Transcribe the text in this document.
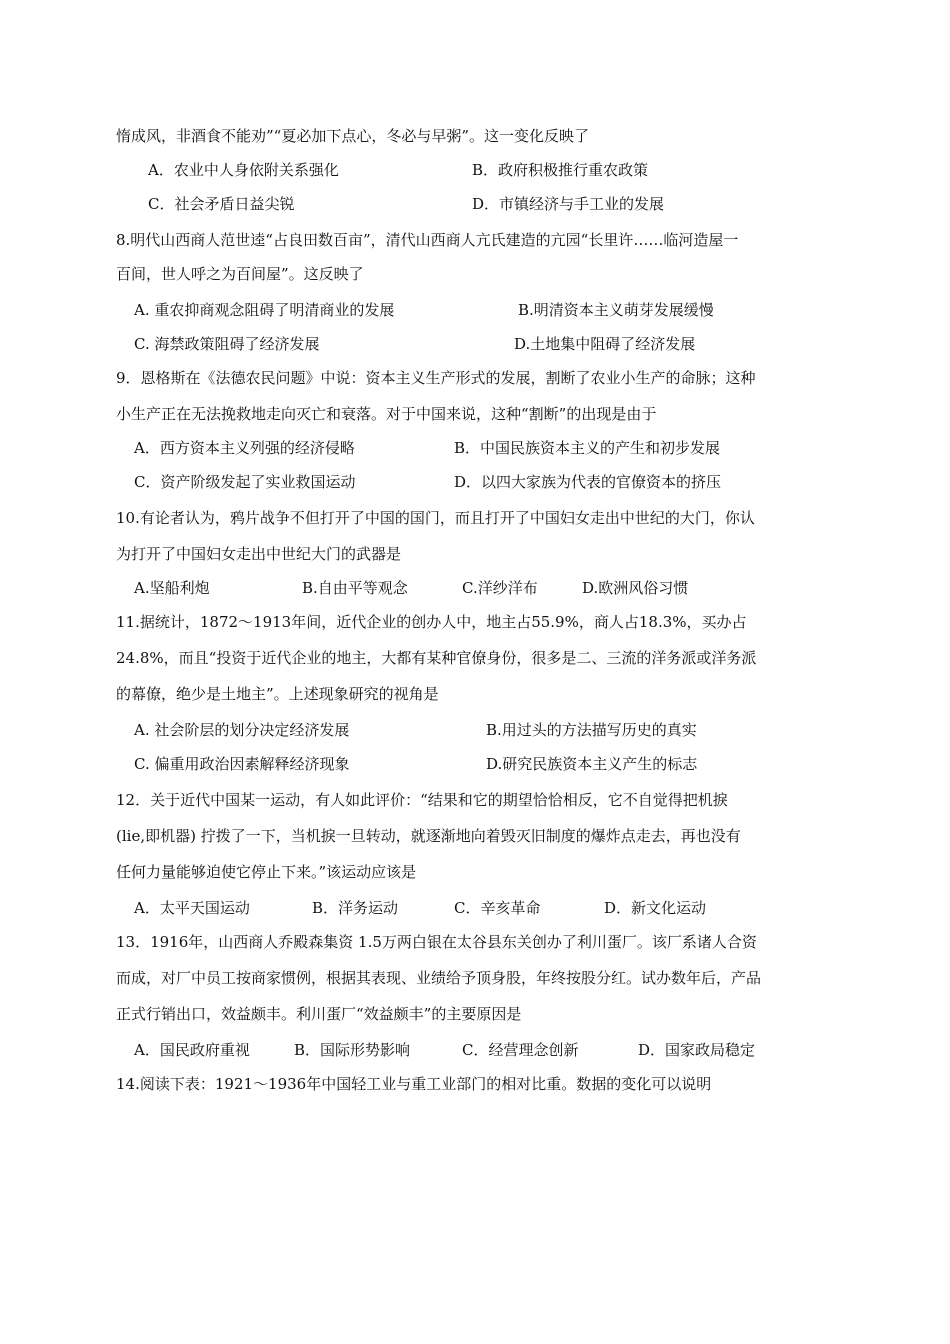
惰成风，非酒食不能劝”“夏必加下点心，冬必与早粥”。这一变化反映了
A．农业中人身依附关系强化	B．政府积极推行重农政策
C．社会矛盾日益尖锐	D．市镇经济与手工业的发展
8.明代山西商人范世逵“占良田数百亩”，清代山西商人亢氏建造的亢园“长里许……临河造屋一
百间，世人呼之为百间屋”。这反映了
A. 重农抑商观念阻碍了明清商业的发展	B.明清资本主义萌芽发展缓慢
C. 海禁政策阻碍了经济发展	D.土地集中阻碍了经济发展
9．恩格斯在《法德农民问题》中说：资本主义生产形式的发展，割断了农业小生产的命脉；这种
小生产正在无法挽救地走向灭亡和衰落。对于中国来说，这种“割断”的出现是由于
A．西方资本主义列强的经济侵略	B．中国民族资本主义的产生和初步发展
C．资产阶级发起了实业救国运动	D．以四大家族为代表的官僚资本的挤压
10.有论者认为，鸦片战争不但打开了中国的国门，而且打开了中国妇女走出中世纪的大门，你认
为打开了中国妇女走出中世纪大门的武器是
A.坚船利炮	B.自由平等观念	C.洋纱洋布	D.欧洲风俗习惯
11.据统计，1872～1913年间，近代企业的创办人中，地主占55.9%，商人占18.3%，买办占
24.8%，而且“投资于近代企业的地主，大都有某种官僚身份，很多是二、三流的洋务派或洋务派
的幕僚，绝少是土地主”。上述现象研究的视角是
A. 社会阶层的划分决定经济发展	B.用过头的方法描写历史的真实
C. 偏重用政治因素解释经济现象	D.研究民族资本主义产生的标志
12．关于近代中国某一运动，有人如此评价：“结果和它的期望恰恰相反，它不自觉得把机捩
(lie,即机器) 拧拨了一下，当机捩一旦转动，就逐渐地向着毁灭旧制度的爆炸点走去，再也没有
任何力量能够迫使它停止下来。”该运动应该是
A．太平天国运动	B．洋务运动	C．辛亥革命	D．新文化运动
13．1916年，山西商人乔殿森集资 1.5万两白银在太谷县东关创办了利川蛋厂。该厂系诸人合资
而成，对厂中员工按商家惯例，根据其表现、业绩给予顶身股，年终按股分红。试办数年后，产品
正式行销出口，效益颇丰。利川蛋厂“效益颇丰”的主要原因是
A．国民政府重视	B．国际形势影响	C．经营理念创新	D．国家政局稳定
14.阅读下表：1921～1936年中国轻工业与重工业部门的相对比重。数据的变化可以说明
